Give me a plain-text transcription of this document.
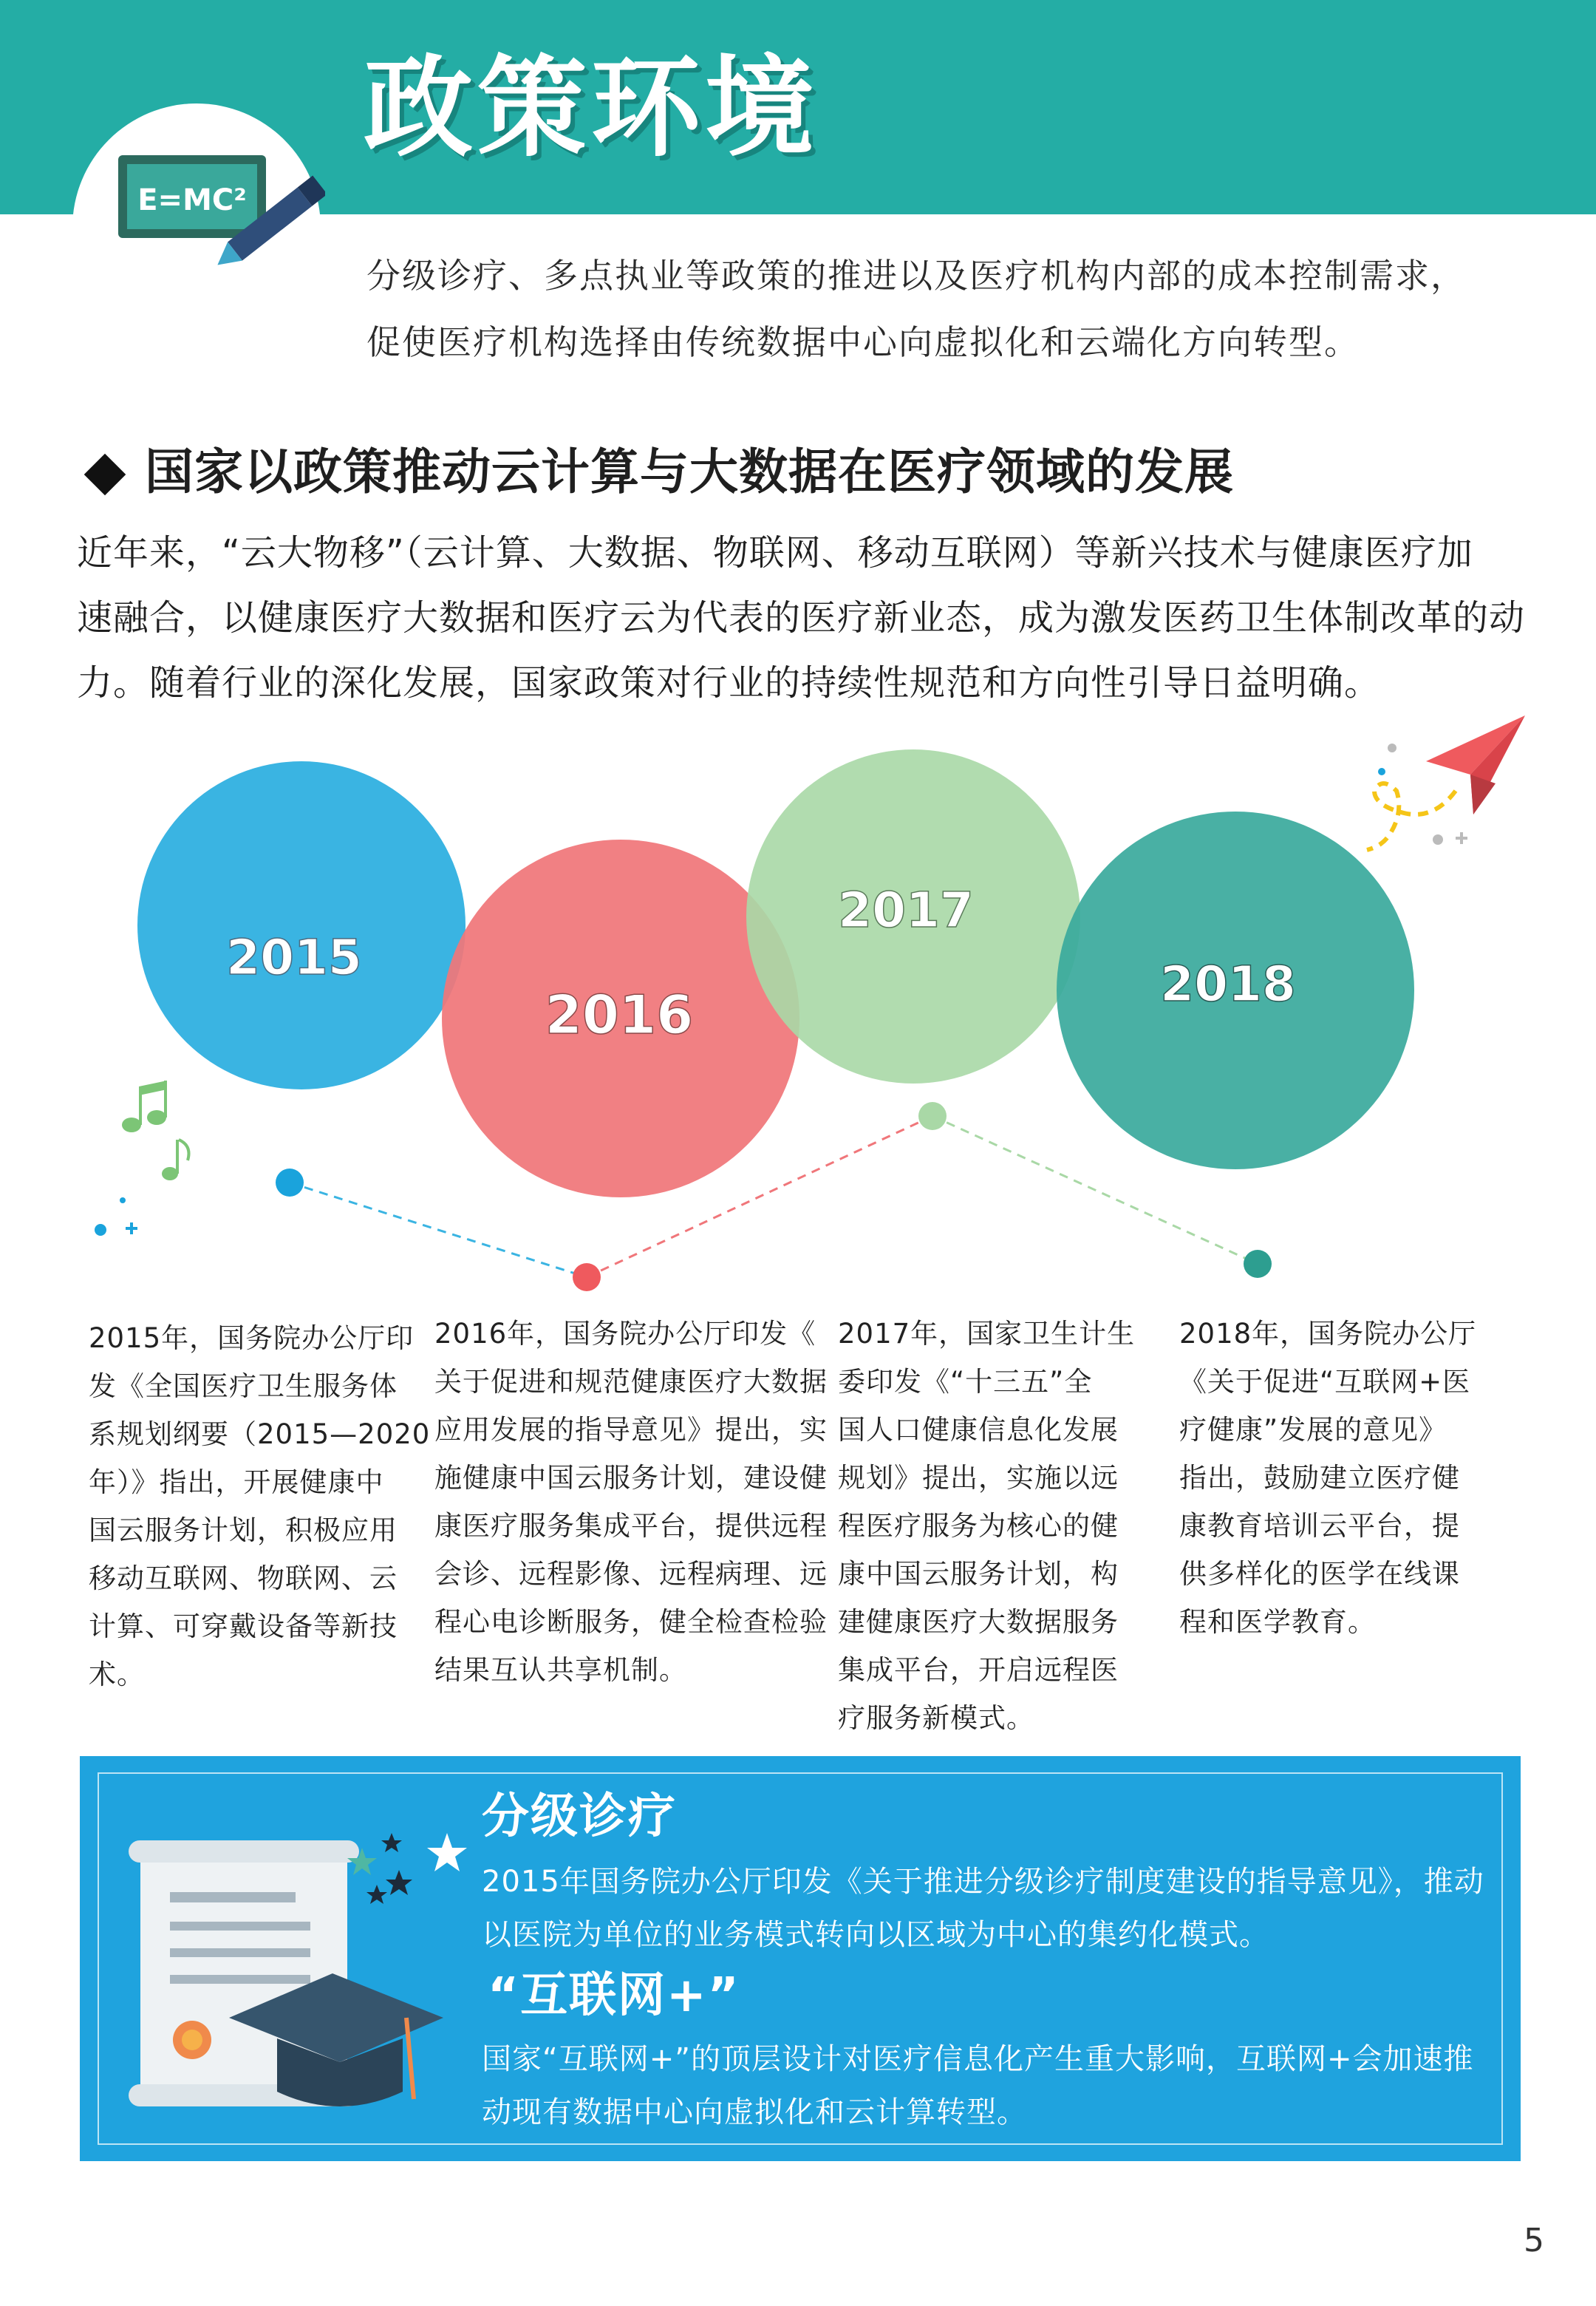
E=MC²
政策环境
分级诊疗、多点执业等政策的推进以及医疗机构内部的成本控制需求，
促使医疗机构选择由传统数据中心向虚拟化和云端化方向转型。
国家以政策推动云计算与大数据在医疗领域的发展
近年来，“云大物移”（云计算、大数据、物联网、移动互联网）等新兴技术与健康医疗加
速融合，以健康医疗大数据和医疗云为代表的医疗新业态，成为激发医药卫生体制改革的动
力。随着行业的深化发展，国家政策对行业的持续性规范和方向性引导日益明确。
2015
2016
2017
2018
2015年，国务院办公厅印
发《全国医疗卫生服务体
系规划纲要（2015—2020
年）》指出，开展健康中
国云服务计划，积极应用
移动互联网、物联网、云
计算、可穿戴设备等新技
术。
2016年，国务院办公厅印发《
关于促进和规范健康医疗大数据
应用发展的指导意见》提出，实
施健康中国云服务计划，建设健
康医疗服务集成平台，提供远程
会诊、远程影像、远程病理、远
程心电诊断服务，健全检查检验
结果互认共享机制。
2017年，国家卫生计生
委印发《“十三五”全
国人口健康信息化发展
规划》提出，实施以远
程医疗服务为核心的健
康中国云服务计划，构
建健康医疗大数据服务
集成平台，开启远程医
疗服务新模式。
2018年，国务院办公厅
《关于促进“互联网+医
疗健康”发展的意见》
指出，鼓励建立医疗健
康教育培训云平台，提
供多样化的医学在线课
程和医学教育。
分级诊疗
2015年国务院办公厅印发《关于推进分级诊疗制度建设的指导意见》，推动
以医院为单位的业务模式转向以区域为中心的集约化模式。
“互联网+”
国家“互联网+”的顶层设计对医疗信息化产生重大影响，互联网+会加速推
动现有数据中心向虚拟化和云计算转型。
5
